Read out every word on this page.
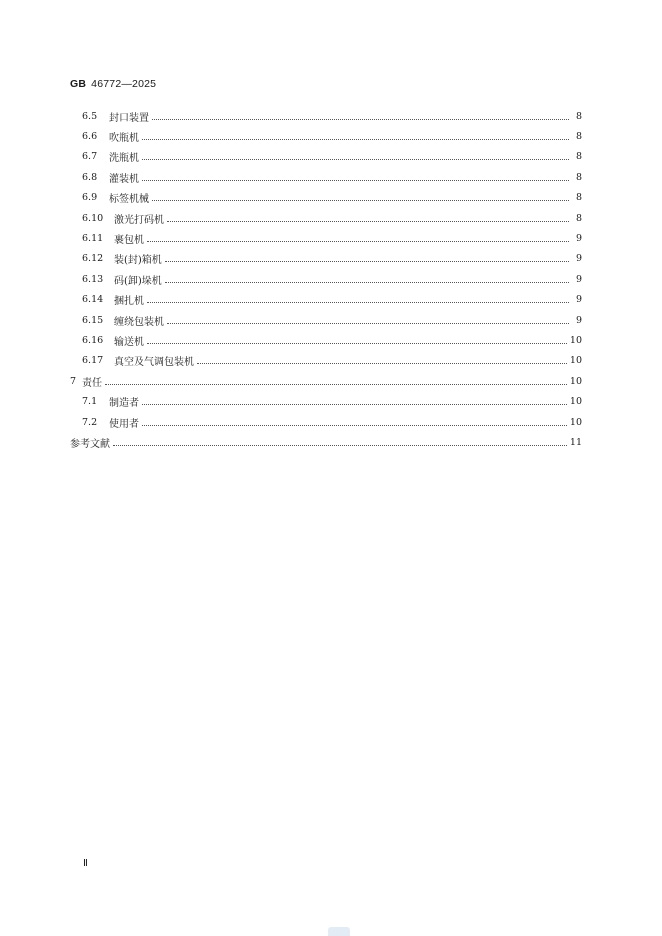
GB 46772—2025
6.5	封口装置	8
6.6	吹瓶机	8
6.7	洗瓶机	8
6.8	灌装机	8
6.9	标签机械	8
6.10	激光打码机	8
6.11	裹包机	9
6.12	装(封)箱机	9
6.13	码(卸)垛机	9
6.14	捆扎机	9
6.15	缠绕包装机	9
6.16	输送机	10
6.17	真空及气调包装机	10
7 责任	10
7.1	制造者	10
7.2	使用者	10
参考文献	11
Ⅱ
